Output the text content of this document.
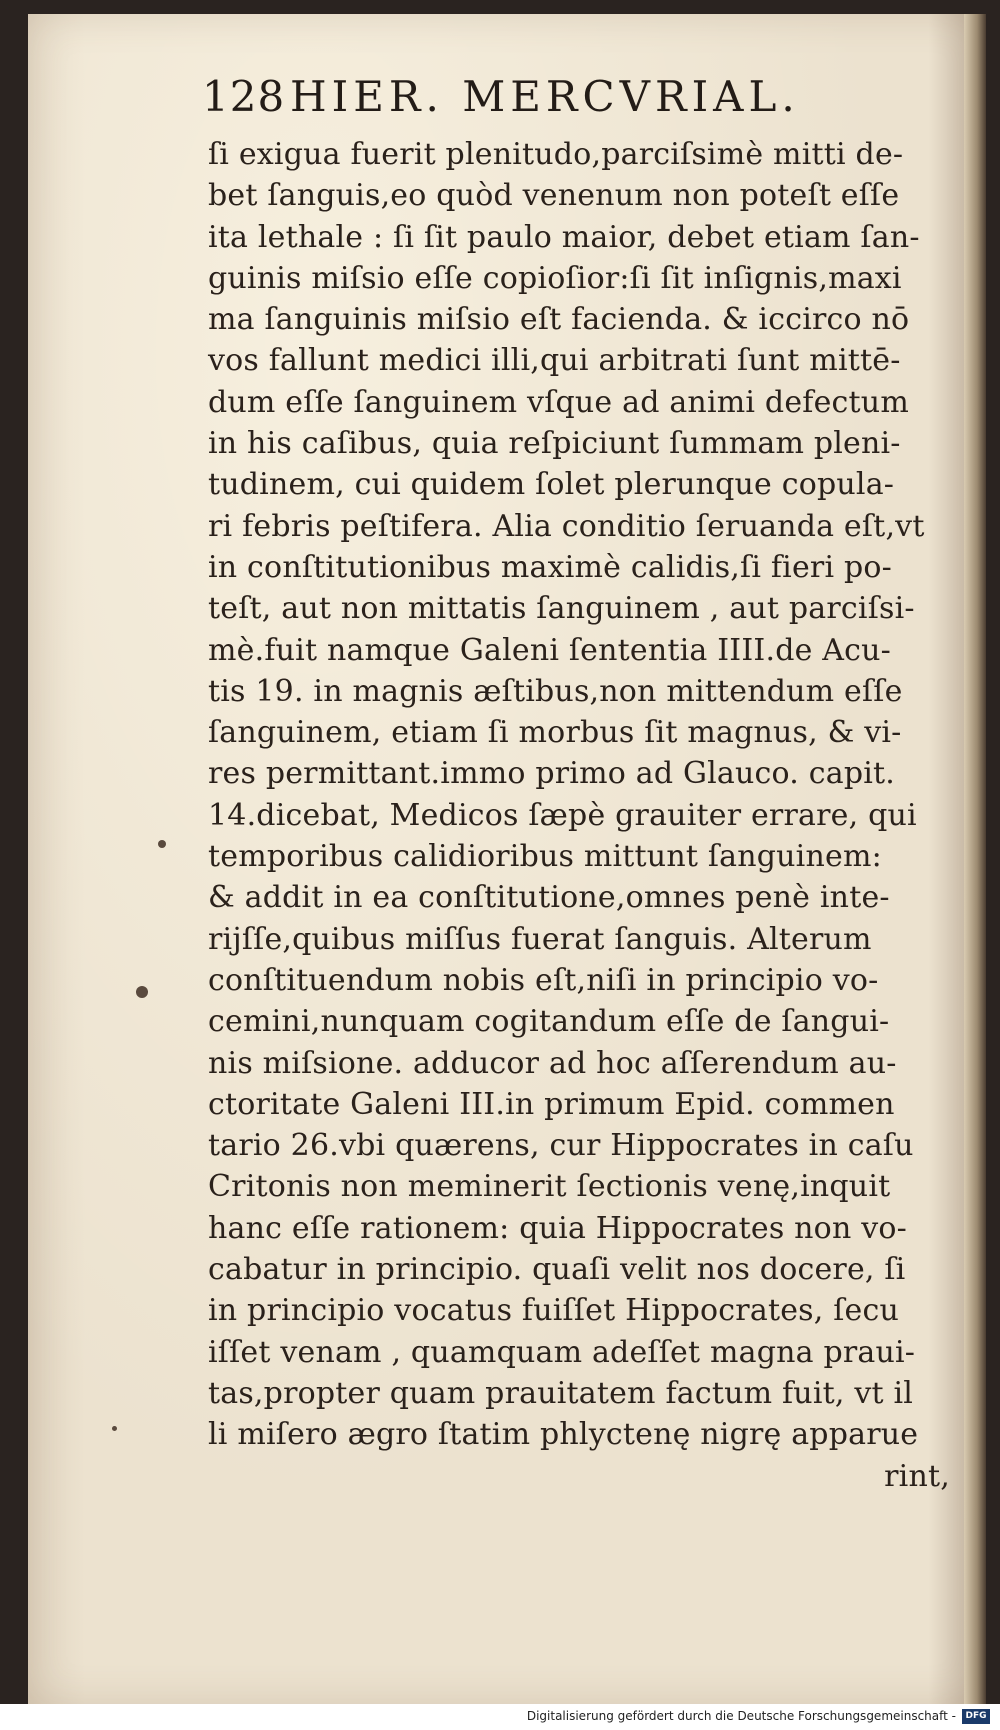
128 HIER. MERCVRIAL.
ſi exigua fuerit plenitudo,parciſsimè mitti de-
bet ſanguis,eo quòd venenum non poteſt eſſe
ita lethale : ſi ſit paulo maior, debet etiam ſan-
guinis miſsio eſſe copioſior:ſi ſit inſignis,maxi
ma ſanguinis miſsio eſt facienda. & iccirco nō
vos fallunt medici illi,qui arbitrati ſunt mittē-
dum eſſe ſanguinem vſque ad animi defectum
in his caſibus, quia reſpiciunt ſummam pleni-
tudinem, cui quidem ſolet plerunque copula-
ri febris peſtifera. Alia conditio ſeruanda eſt,vt
in conſtitutionibus maximè calidis,ſi fieri po-
teſt, aut non mittatis ſanguinem , aut parciſsi-
mè.fuit namque Galeni ſententia IIII.de Acu-
tis 19. in magnis æſtibus,non mittendum eſſe
ſanguinem, etiam ſi morbus ſit magnus, & vi-
res permittant.immo primo ad Glauco. capit.
14.dicebat, Medicos ſæpè grauiter errare, qui
temporibus calidioribus mittunt ſanguinem:
& addit in ea conſtitutione,omnes penè inte-
rijſſe,quibus miſſus fuerat ſanguis. Alterum
conſtituendum nobis eſt,niſi in principio vo-
cemini,nunquam cogitandum eſſe de ſangui-
nis miſsione. adducor ad hoc aſſerendum au-
ctoritate Galeni III.in primum Epid. commen
tario 26.vbi quærens, cur Hippocrates in caſu
Critonis non meminerit ſectionis venę,inquit
hanc eſſe rationem: quia Hippocrates non vo-
cabatur in principio. quaſi velit nos docere, ſi
in principio vocatus fuiſſet Hippocrates, ſecu
iſſet venam , quamquam adeſſet magna praui-
tas,propter quam prauitatem factum fuit, vt il
li miſero ægro ſtatim phlyctenę nigrę apparue
rint,
Digitalisierung gefördert durch die Deutsche Forschungsgemeinschaft -	DFG
